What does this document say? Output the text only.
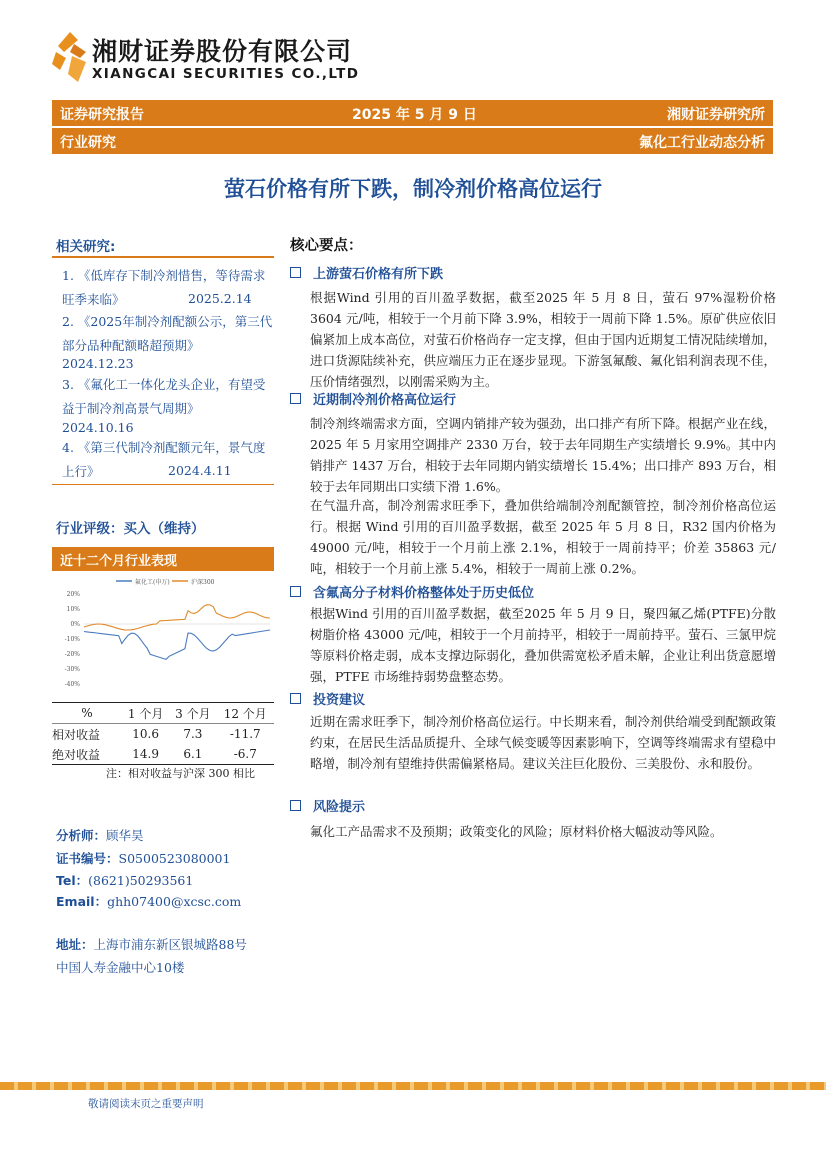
湘财证券股份有限公司
XIANGCAI SECURITIES CO.,LTD
证券研究报告	2025 年 5 月 9 日	湘财证券研究所
行业研究	氟化工行业动态分析
萤石价格有所下跌，制冷剂价格高位运行
相关研究:
1. 《低库存下制冷剂惜售，等待需求旺季来临》	2025.2.14
2. 《2025年制冷剂配额公示，第三代部分品种配额略超预期》
2024.12.23
3. 《氟化工一体化龙头企业，有望受益于制冷剂高景气周期》
2024.10.16
4. 《第三代制冷剂配额元年，景气度上行》	2024.4.11
行业评级：买入（维持）
近十二个月行业表现
氟化工(申万)	沪深300
20%
10%
0%
-10%
-20%
-30%
-40%
%	1 个月	3 个月	12 个月
相对收益	10.6	7.3	-11.7
绝对收益	14.9	6.1	-6.7
注：相对收益与沪深 300 相比
分析师：顾华昊
证书编号：S0500523080001
Tel：(8621)50293561
Email：ghh07400@xcsc.com
地址：上海市浦东新区银城路88号
中国人寿金融中心10楼
核心要点：
上游萤石价格有所下跌
根据Wind 引用的百川盈孚数据，截至2025 年 5 月 8 日，萤石 97%湿粉价格 3604 元/吨，相较于一个月前下降 3.9%，相较于一周前下降 1.5%。原矿供应依旧偏紧加上成本高位，对萤石价格尚存一定支撑，但由于国内近期复工情况陆续增加，进口货源陆续补充，供应端压力正在逐步显现。下游氢氟酸、氟化铝利润表现不佳，压价情绪强烈，以刚需采购为主。
近期制冷剂价格高位运行
制冷剂终端需求方面，空调内销排产较为强劲，出口排产有所下降。根据产业在线，2025 年 5 月家用空调排产 2330 万台，较于去年同期生产实绩增长 9.9%。其中内销排产 1437 万台，相较于去年同期内销实绩增长 15.4%；出口排产 893 万台，相较于去年同期出口实绩下滑 1.6%。
在气温升高，制冷剂需求旺季下，叠加供给端制冷剂配额管控，制冷剂价格高位运行。根据 Wind 引用的百川盈孚数据，截至 2025 年 5 月 8 日，R32 国内价格为 49000 元/吨，相较于一个月前上涨 2.1%，相较于一周前持平；价差 35863 元/吨，相较于一个月前上涨 5.4%，相较于一周前上涨 0.2%。
含氟高分子材料价格整体处于历史低位
根据Wind 引用的百川盈孚数据，截至2025 年 5 月 9 日，聚四氟乙烯(PTFE)分散树脂价格 43000 元/吨，相较于一个月前持平，相较于一周前持平。萤石、三氯甲烷等原料价格走弱，成本支撑边际弱化，叠加供需宽松矛盾未解，企业让利出货意愿增强，PTFE 市场维持弱势盘整态势。
投资建议
近期在需求旺季下，制冷剂价格高位运行。中长期来看，制冷剂供给端受到配额政策约束，在居民生活品质提升、全球气候变暖等因素影响下，空调等终端需求有望稳中略增，制冷剂有望维持供需偏紧格局。建议关注巨化股份、三美股份、永和股份。
风险提示
氟化工产品需求不及预期；政策变化的风险；原材料价格大幅波动等风险。
敬请阅读末页之重要声明
